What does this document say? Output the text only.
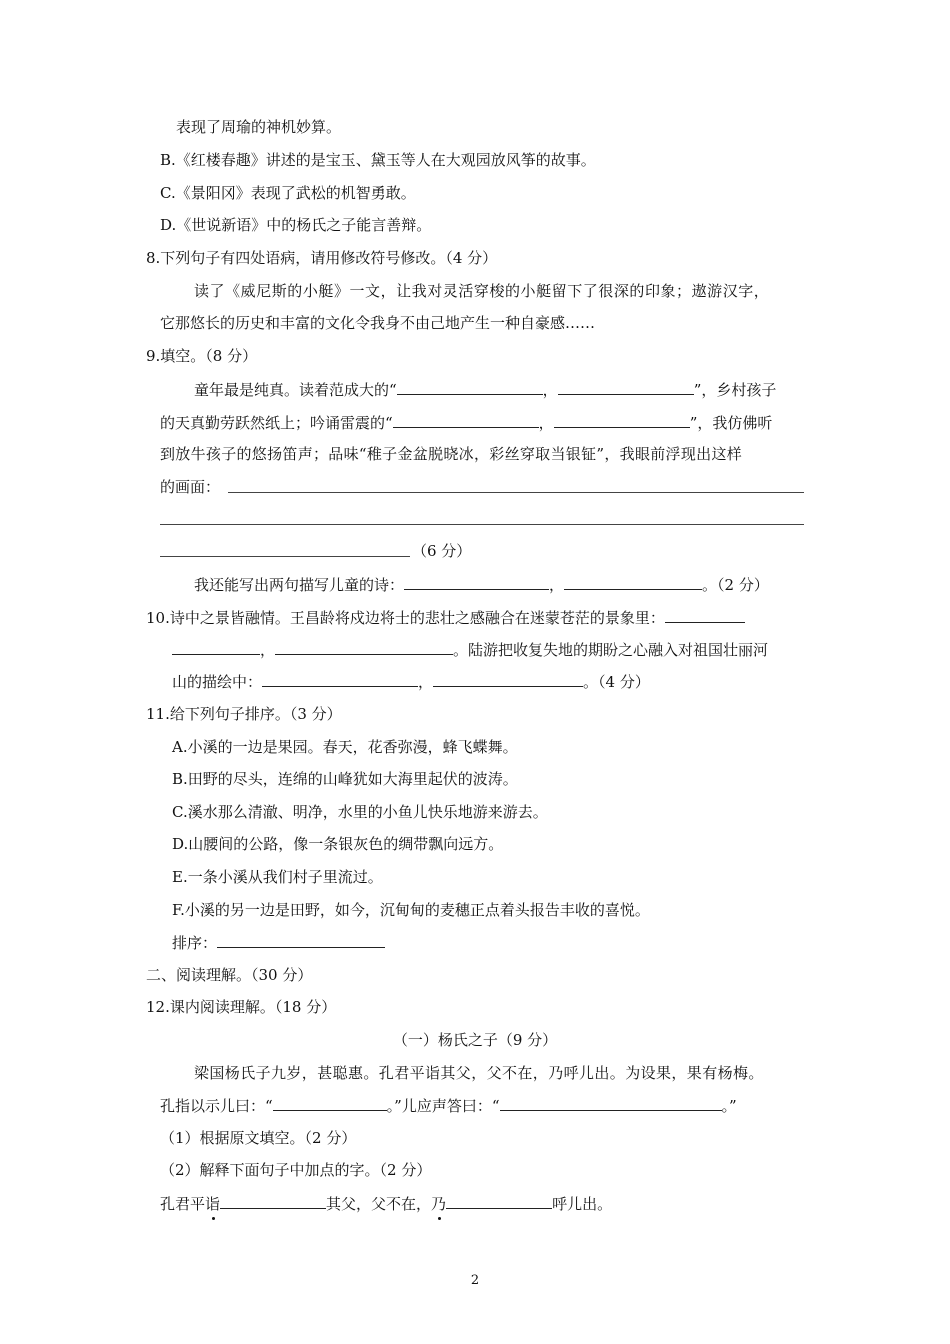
表现了周瑜的神机妙算。
B.《红楼春趣》讲述的是宝玉、黛玉等人在大观园放风筝的故事。
C.《景阳冈》表现了武松的机智勇敢。
D.《世说新语》中的杨氏之子能言善辩。
8.下列句子有四处语病，请用修改符号修改。（4 分）
读了《威尼斯的小艇》一文，让我对灵活穿梭的小艇留下了很深的印象；遨游汉字，
它那悠长的历史和丰富的文化令我身不由己地产生一种自豪感……
9.填空。（8 分）
童年最是纯真。读着范成大的“	，	”，乡村孩子
的天真勤劳跃然纸上；吟诵雷震的“	，	”，我仿佛听
到放牛孩子的悠扬笛声；品味“稚子金盆脱晓冰，彩丝穿取当银钲”，我眼前浮现出这样
的画面：
（6 分）
我还能写出两句描写儿童的诗：	，	。（2 分）
10.诗中之景皆融情。王昌龄将戍边将士的悲壮之感融合在迷蒙苍茫的景象里：
，	。陆游把收复失地的期盼之心融入对祖国壮丽河
山的描绘中：	，	。（4 分）
11.给下列句子排序。（3 分）
A.小溪的一边是果园。春天，花香弥漫，蜂飞蝶舞。
B.田野的尽头，连绵的山峰犹如大海里起伏的波涛。
C.溪水那么清澈、明净，水里的小鱼儿快乐地游来游去。
D.山腰间的公路，像一条银灰色的绸带飘向远方。
E.一条小溪从我们村子里流过。
F.小溪的另一边是田野，如今，沉甸甸的麦穗正点着头报告丰收的喜悦。
排序：
二、阅读理解。（30 分）
12.课内阅读理解。（18 分）
（一）杨氏之子（9 分）
梁国杨氏子九岁，甚聪惠。孔君平诣其父，父不在，乃呼儿出。为设果，果有杨梅。
孔指以示儿曰：“	。”儿应声答曰：“	。”
（1）根据原文填空。（2 分）
（2）解释下面句子中加点的字。（2 分）
孔君平诣	其父，父不在，乃	呼儿出。
2
